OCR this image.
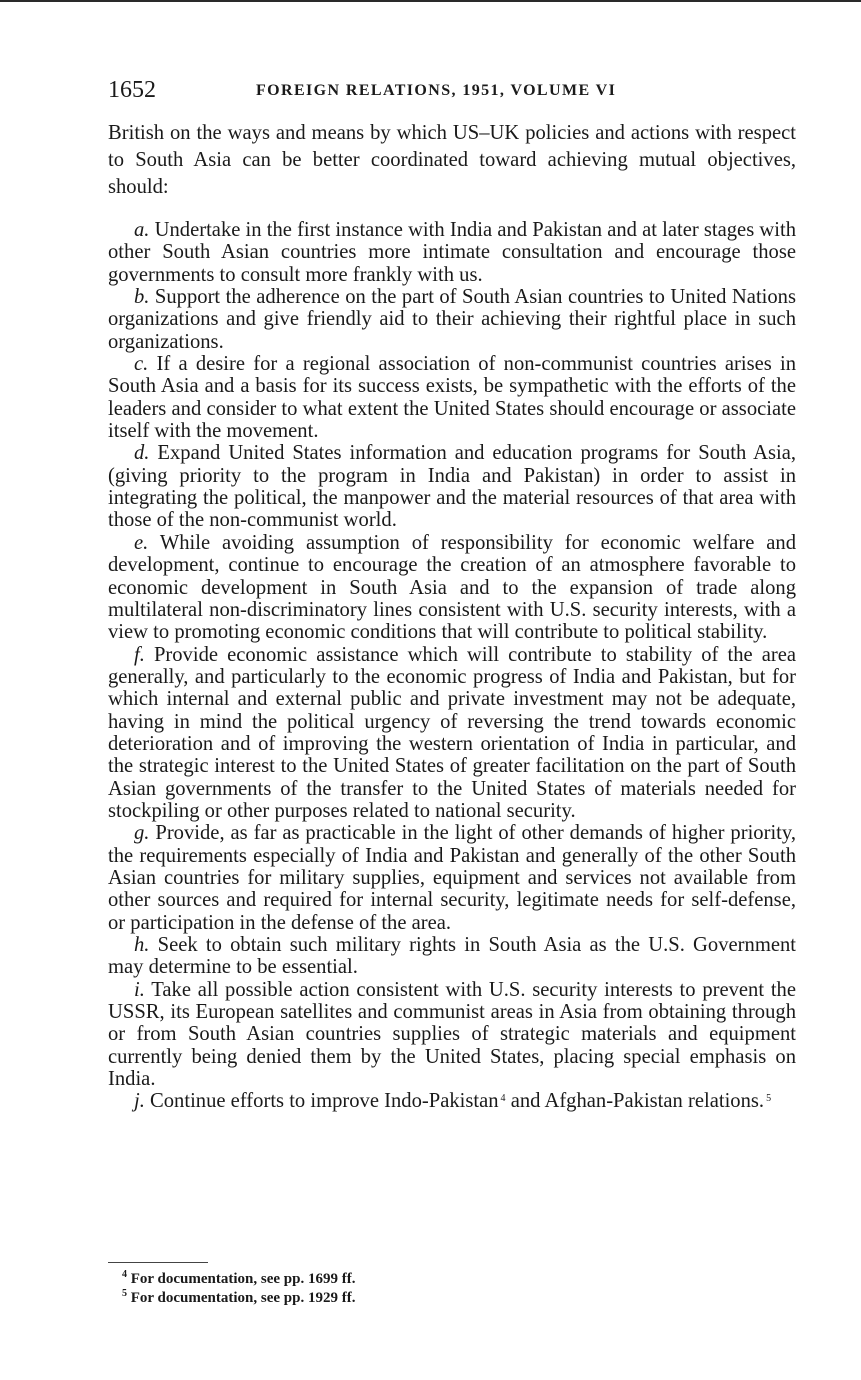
1652	FOREIGN RELATIONS, 1951, VOLUME VI

British on the ways and means by which US–UK policies and actions with respect to South Asia can be better coordinated toward achieving mutual objectives, should:

a. Undertake in the first instance with India and Pakistan and at later stages with other South Asian countries more intimate consultation and encourage those governments to consult more frankly with us.

b. Support the adherence on the part of South Asian countries to United Nations organizations and give friendly aid to their achieving their rightful place in such organizations.

c. If a desire for a regional association of non-communist countries arises in South Asia and a basis for its success exists, be sympathetic with the efforts of the leaders and consider to what extent the United States should encourage or associate itself with the movement.

d. Expand United States information and education programs for South Asia, (giving priority to the program in India and Pakistan) in order to assist in integrating the political, the manpower and the material resources of that area with those of the non-communist world.

e. While avoiding assumption of responsibility for economic welfare and development, continue to encourage the creation of an atmosphere favorable to economic development in South Asia and to the expansion of trade along multilateral non-discriminatory lines consistent with U.S. security interests, with a view to promoting economic conditions that will contribute to political stability.

f. Provide economic assistance which will contribute to stability of the area generally, and particularly to the economic progress of India and Pakistan, but for which internal and external public and private investment may not be adequate, having in mind the political urgency of reversing the trend towards economic deterioration and of improving the western orientation of India in particular, and the strategic interest to the United States of greater facilitation on the part of South Asian governments of the transfer to the United States of materials needed for stockpiling or other purposes related to national security.

g. Provide, as far as practicable in the light of other demands of higher priority, the requirements especially of India and Pakistan and generally of the other South Asian countries for military supplies, equipment and services not available from other sources and required for internal security, legitimate needs for self-defense, or participation in the defense of the area.

h. Seek to obtain such military rights in South Asia as the U.S. Government may determine to be essential.

i. Take all possible action consistent with U.S. security interests to prevent the USSR, its European satellites and communist areas in Asia from obtaining through or from South Asian countries supplies of strategic materials and equipment currently being denied them by the United States, placing special emphasis on India.

j. Continue efforts to improve Indo-Pakistan $^4$ and Afghan-Pakistan relations. $^5$

$^4$ For documentation, see pp. 1699 ff.

$^5$ For documentation, see pp. 1929 ff.
